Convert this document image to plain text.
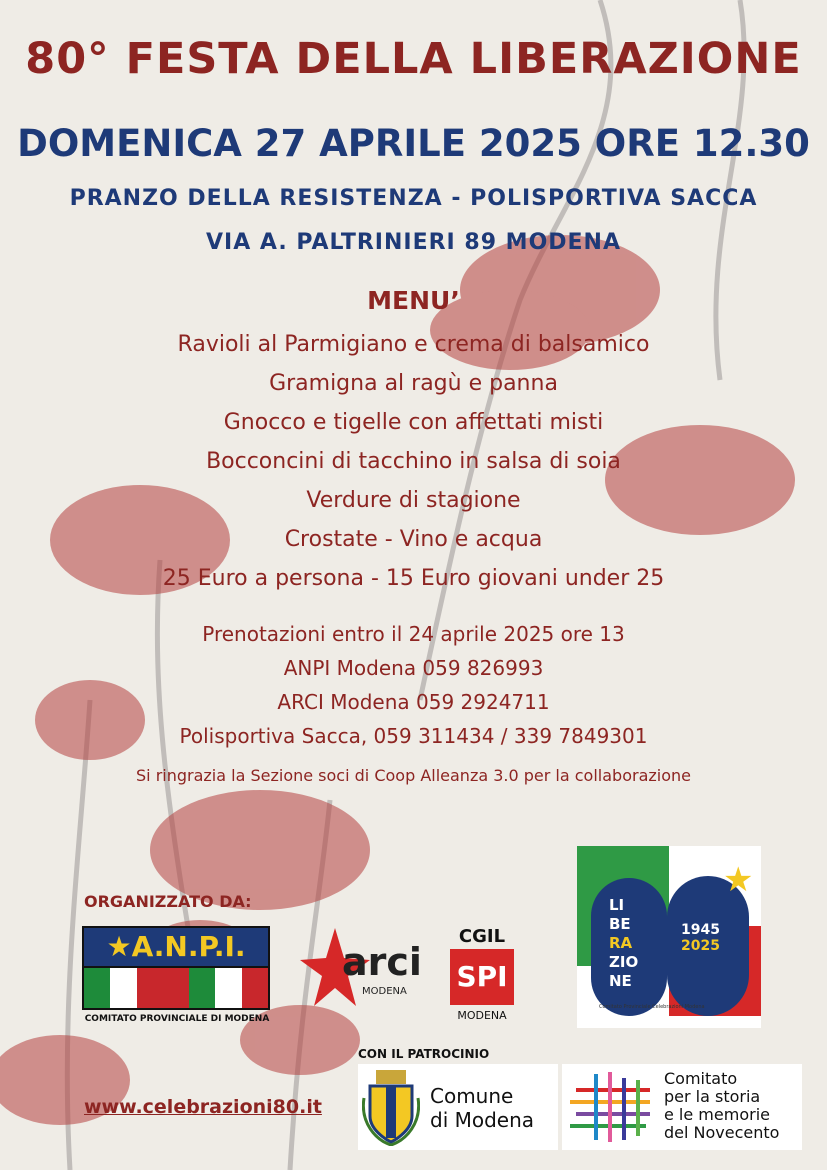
80° FESTA DELLA LIBERAZIONE
DOMENICA 27 APRILE 2025 ORE 12.30
PRANZO DELLA RESISTENZA - POLISPORTIVA SACCA
VIA A. PALTRINIERI 89 MODENA
MENU’
Ravioli al Parmigiano e crema di balsamico
Gramigna al ragù e panna
Gnocco e tigelle con affettati misti
Bocconcini di tacchino in salsa di soia
Verdure di stagione
Crostate - Vino e acqua
25 Euro a persona - 15 Euro giovani under 25
Prenotazioni entro il 24 aprile 2025 ore 13
ANPI Modena 059 826993
ARCI Modena 059 2924711
Polisportiva Sacca, 059 311434 / 339 7849301
Si ringrazia la Sezione soci di Coop Alleanza 3.0 per la collaborazione
ORGANIZZATO DA:
★A.N.P.I.
COMITATO PROVINCIALE DI MODENA
arci
MODENA
CGIL
SPI
MODENA
★
LI
BE
RA
ZIO
NE
1945
2025
Comitato Provinciale Celebrazioni Modena
CON IL PATROCINIO
Comune
di Modena
Comitato
per la storia
e le memorie
del Novecento
www.celebrazioni80.it
